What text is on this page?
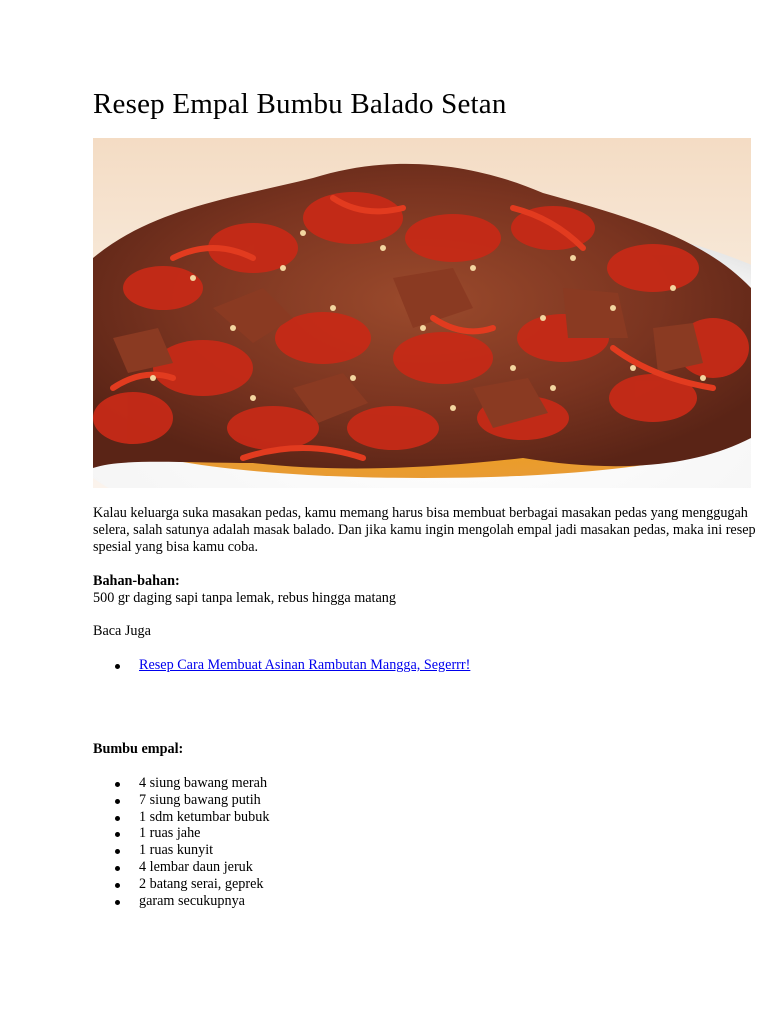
Resep Empal Bumbu Balado Setan

Kalau keluarga suka masakan pedas, kamu memang harus bisa membuat berbagai masakan pedas yang menggugah selera, salah satunya adalah masak balado. Dan jika kamu ingin mengolah empal jadi masakan pedas, maka ini resep spesial yang bisa kamu coba.

Bahan-bahan:

500 gr daging sapi tanpa lemak, rebus hingga matang

Baca Juga

Resep Cara Membuat Asinan Rambutan Mangga, Segerrr!

Bumbu empal:

4 siung bawang merah
7 siung bawang putih
1 sdm ketumbar bubuk
1 ruas jahe
1 ruas kunyit
4 lembar daun jeruk
2 batang serai, geprek
garam secukupnya
